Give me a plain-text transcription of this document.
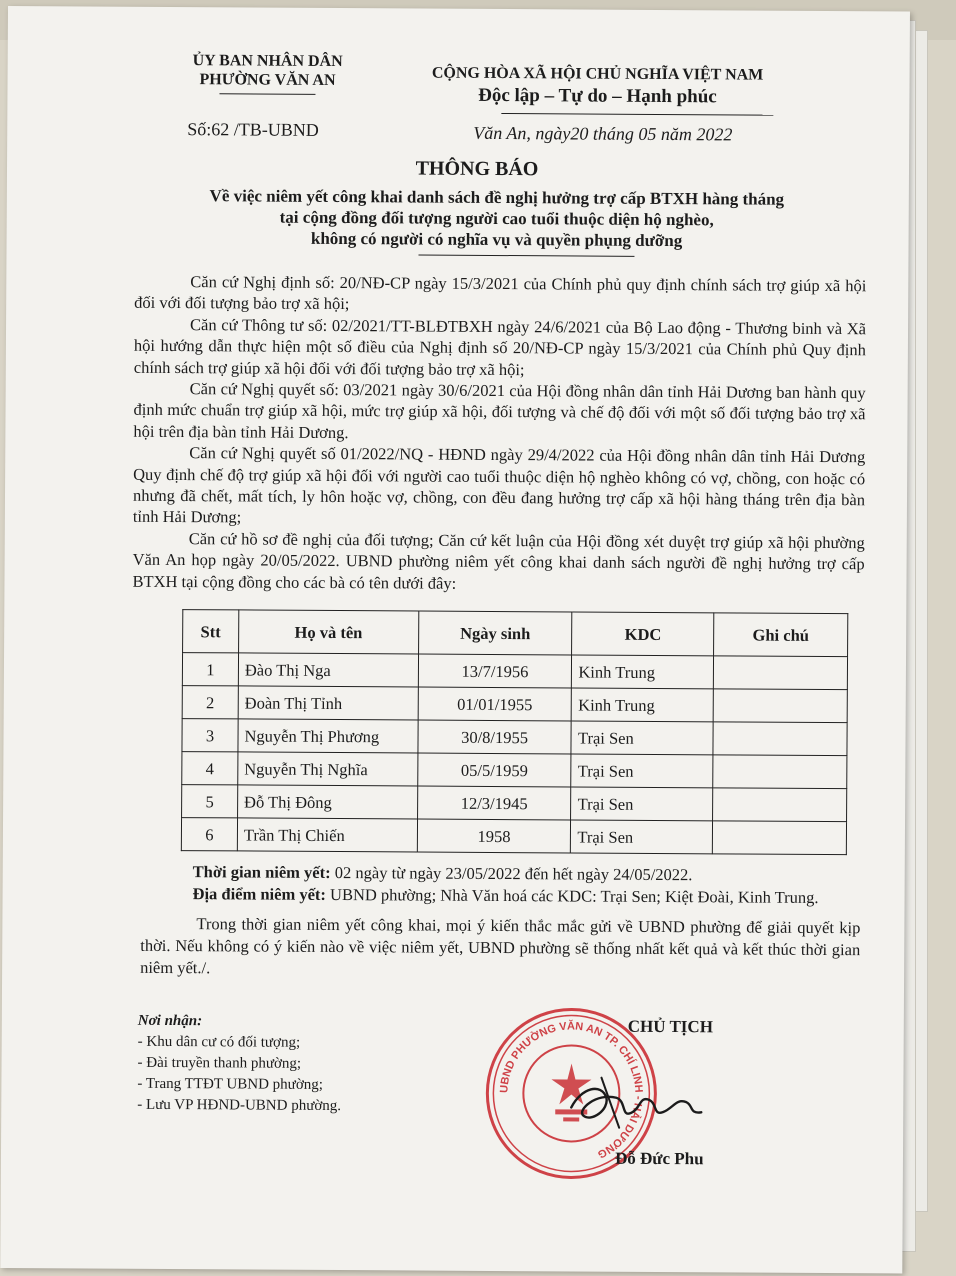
ỦY BAN NHÂN DÂN
PHƯỜNG VĂN AN	CỘNG HÒA XÃ HỘI CHỦ NGHĨA VIỆT NAM
Độc lập – Tự do – Hạnh phúc
Số:62 /TB-UBND	Văn An, ngày20 tháng 05 năm 2022
THÔNG BÁO
Về việc niêm yết công khai danh sách đề nghị hưởng trợ cấp BTXH hàng tháng
tại cộng đồng đối tượng người cao tuổi thuộc diện hộ nghèo,
không có người có nghĩa vụ và quyền phụng dưỡng

Căn cứ Nghị định số: 20/NĐ-CP ngày 15/3/2021 của Chính phủ quy định chính sách trợ giúp xã hội đối với đối tượng bảo trợ xã hội;

Căn cứ Thông tư số: 02/2021/TT-BLĐTBXH ngày 24/6/2021 của Bộ Lao động - Thương binh và Xã hội hướng dẫn thực hiện một số điều của Nghị định số 20/NĐ-CP ngày 15/3/2021 của Chính phủ Quy định chính sách trợ giúp xã hội đối với đối tượng bảo trợ xã hội;

Căn cứ Nghị quyết số: 03/2021 ngày 30/6/2021 của Hội đồng nhân dân tỉnh Hải Dương ban hành quy định mức chuẩn trợ giúp xã hội, mức trợ giúp xã hội, đối tượng và chế độ đối với một số đối tượng bảo trợ xã hội trên địa bàn tỉnh Hải Dương.

Căn cứ Nghị quyết số 01/2022/NQ - HĐND ngày 29/4/2022 của Hội đồng nhân dân tỉnh Hải Dương Quy định chế độ trợ giúp xã hội đối với người cao tuổi thuộc diện hộ nghèo không có vợ, chồng, con hoặc có nhưng đã chết, mất tích, ly hôn hoặc vợ, chồng, con đều đang hưởng trợ cấp xã hội hàng tháng trên địa bàn tỉnh Hải Dương;

Căn cứ hồ sơ đề nghị của đối tượng; Căn cứ kết luận của Hội đồng xét duyệt trợ giúp xã hội phường Văn An họp ngày 20/05/2022. UBND phường niêm yết công khai danh sách người đề nghị hưởng trợ cấp BTXH tại cộng đồng cho các bà có tên dưới đây:

Stt	Họ và tên	Ngày sinh	KDC	Ghi chú
1	Đào Thị Nga	13/7/1956	Kinh Trung	
2	Đoàn Thị Tỉnh	01/01/1955	Kinh Trung	
3	Nguyễn Thị Phương	30/8/1955	Trại Sen	
4	Nguyễn Thị Nghĩa	05/5/1959	Trại Sen	
5	Đỗ Thị Đông	12/3/1945	Trại Sen	
6	Trần Thị Chiến	1958	Trại Sen	

Thời gian niêm yết: 02 ngày từ ngày 23/05/2022 đến hết ngày 24/05/2022.

Địa điểm niêm yết: UBND phường; Nhà Văn hoá các KDC: Trại Sen; Kiệt Đoài, Kinh Trung.

Trong thời gian niêm yết công khai, mọi ý kiến thắc mắc gửi về UBND phường để giải quyết kịp thời. Nếu không có ý kiến nào về việc niêm yết, UBND phường sẽ thống nhất kết quả và kết thúc thời gian niêm yết./.

Nơi nhận:
- Khu dân cư có đối tượng;
- Đài truyền thanh phường;
- Trang TTĐT UBND phường;
- Lưu VP HĐND-UBND phường.
UBND PHƯỜNG VĂN AN TP. CHÍ LINH - HẢI DƯƠNG
CHỦ TỊCH
Đỗ Đức Phu
